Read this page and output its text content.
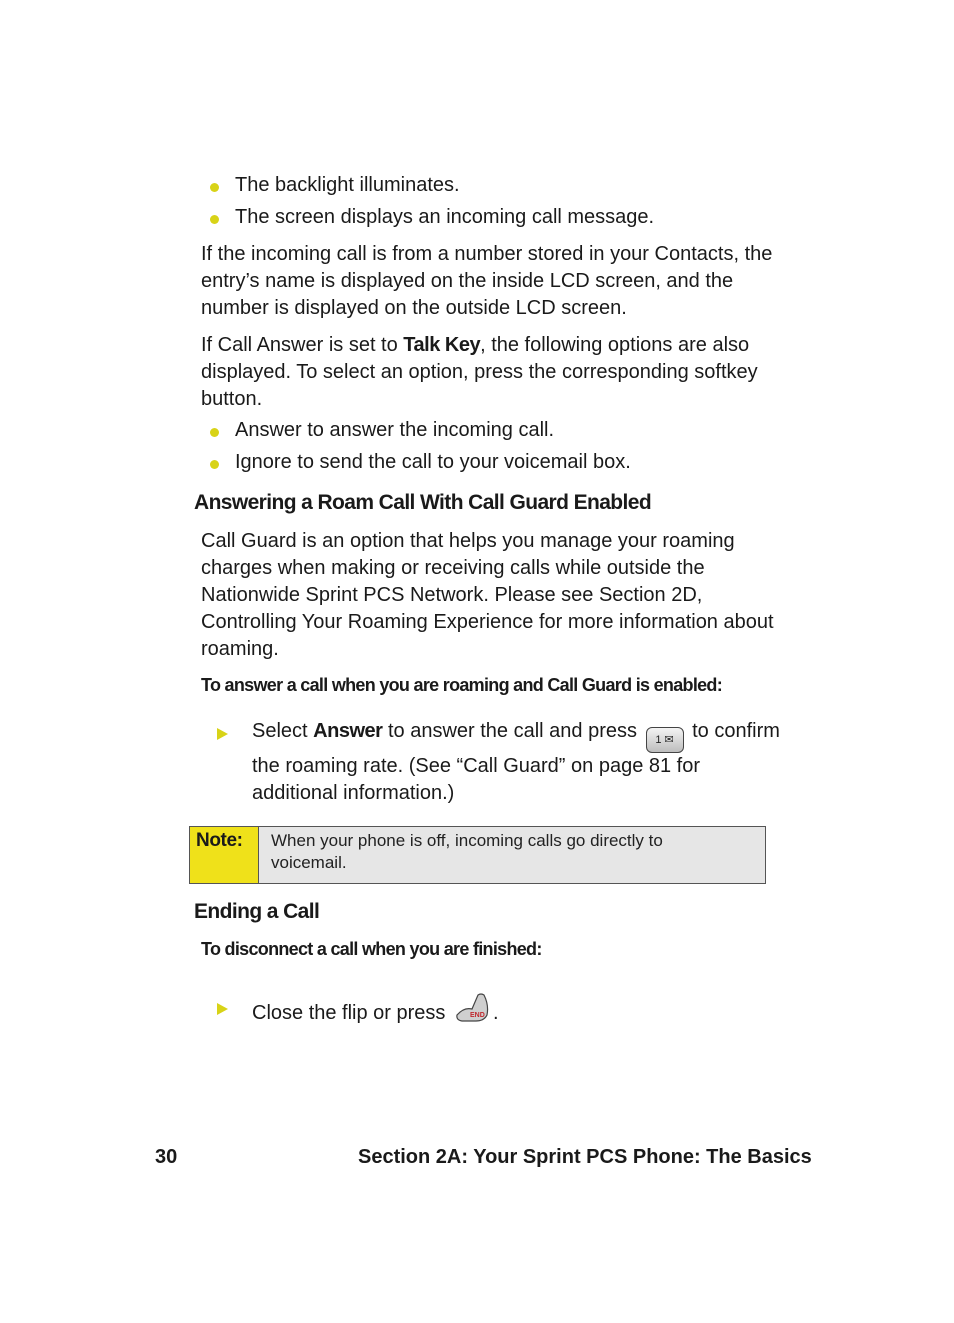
The backlight illuminates.
The screen displays an incoming call message.
If the incoming call is from a number stored in your Contacts, the entry’s name is displayed on the inside LCD screen, and the number is displayed on the outside LCD screen.
If Call Answer is set to Talk Key, the following options are also displayed. To select an option, press the corresponding softkey button.
Answer to answer the incoming call.
Ignore to send the call to your voicemail box.
Answering a Roam Call With Call Guard Enabled
Call Guard is an option that helps you manage your roaming charges when making or receiving calls while outside the Nationwide Sprint PCS Network. Please see Section 2D, Controlling Your Roaming Experience for more information about roaming.
To answer a call when you are roaming and Call Guard is enabled:
Select Answer to answer the call and press 1 ✉ to confirm the roaming rate. (See “Call Guard” on page 81 for additional information.)
Note:	When your phone is off, incoming calls go directly to voicemail.
Ending a Call
To disconnect a call when you are finished:
Close the flip or press	END .
30	Section 2A: Your Sprint PCS Phone: The Basics
